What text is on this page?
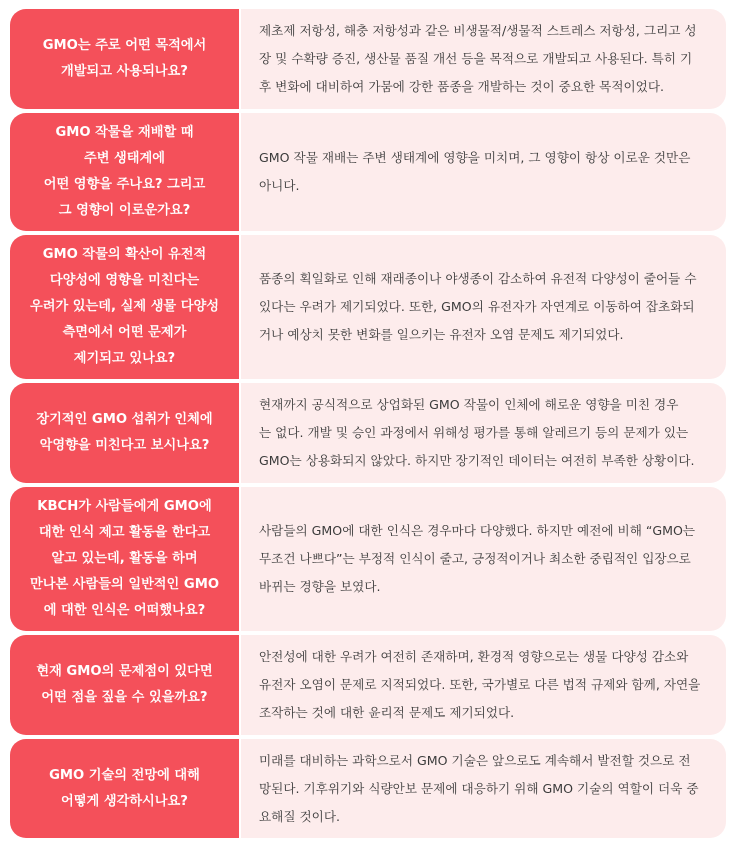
GMO는 주로 어떤 목적에서
개발되고 사용되나요?

제초제 저항성, 해충 저항성과 같은 비생물적/생물적 스트레스 저항성, 그리고 성
장 및 수확량 증진, 생산물 품질 개선 등을 목적으로 개발되고 사용된다. 특히 기
후 변화에 대비하여 가뭄에 강한 품종을 개발하는 것이 중요한 목적이었다.

GMO 작물을 재배할 때
주변 생태계에
어떤 영향을 주나요? 그리고
그 영향이 이로운가요?

GMO 작물 재배는 주변 생태계에 영향을 미치며, 그 영향이 항상 이로운 것만은
아니다.

GMO 작물의 확산이 유전적
다양성에 영향을 미친다는
우려가 있는데, 실제 생물 다양성
측면에서 어떤 문제가
제기되고 있나요?

품종의 획일화로 인해 재래종이나 야생종이 감소하여 유전적 다양성이 줄어들 수
있다는 우려가 제기되었다. 또한, GMO의 유전자가 자연계로 이동하여 잡초화되
거나 예상치 못한 변화를 일으키는 유전자 오염 문제도 제기되었다.

장기적인 GMO 섭취가 인체에
악영향을 미친다고 보시나요?

현재까지 공식적으로 상업화된 GMO 작물이 인체에 해로운 영향을 미친 경우
는 없다. 개발 및 승인 과정에서 위해성 평가를 통해 알레르기 등의 문제가 있는
GMO는 상용화되지 않았다. 하지만 장기적인 데이터는 여전히 부족한 상황이다.

KBCH가 사람들에게 GMO에
대한 인식 제고 활동을 한다고
알고 있는데, 활동을 하며
만나본 사람들의 일반적인 GMO
에 대한 인식은 어떠했나요?

사람들의 GMO에 대한 인식은 경우마다 다양했다. 하지만 예전에 비해 “GMO는
무조건 나쁘다”는 부정적 인식이 줄고, 긍정적이거나 최소한 중립적인 입장으로
바뀌는 경향을 보였다.

현재 GMO의 문제점이 있다면
어떤 점을 짚을 수 있을까요?

안전성에 대한 우려가 여전히 존재하며, 환경적 영향으로는 생물 다양성 감소와
유전자 오염이 문제로 지적되었다. 또한, 국가별로 다른 법적 규제와 함께, 자연을
조작하는 것에 대한 윤리적 문제도 제기되었다.

GMO 기술의 전망에 대해
어떻게 생각하시나요?

미래를 대비하는 과학으로서 GMO 기술은 앞으로도 계속해서 발전할 것으로 전
망된다. 기후위기와 식량안보 문제에 대응하기 위해 GMO 기술의 역할이 더욱 중
요해질 것이다.
